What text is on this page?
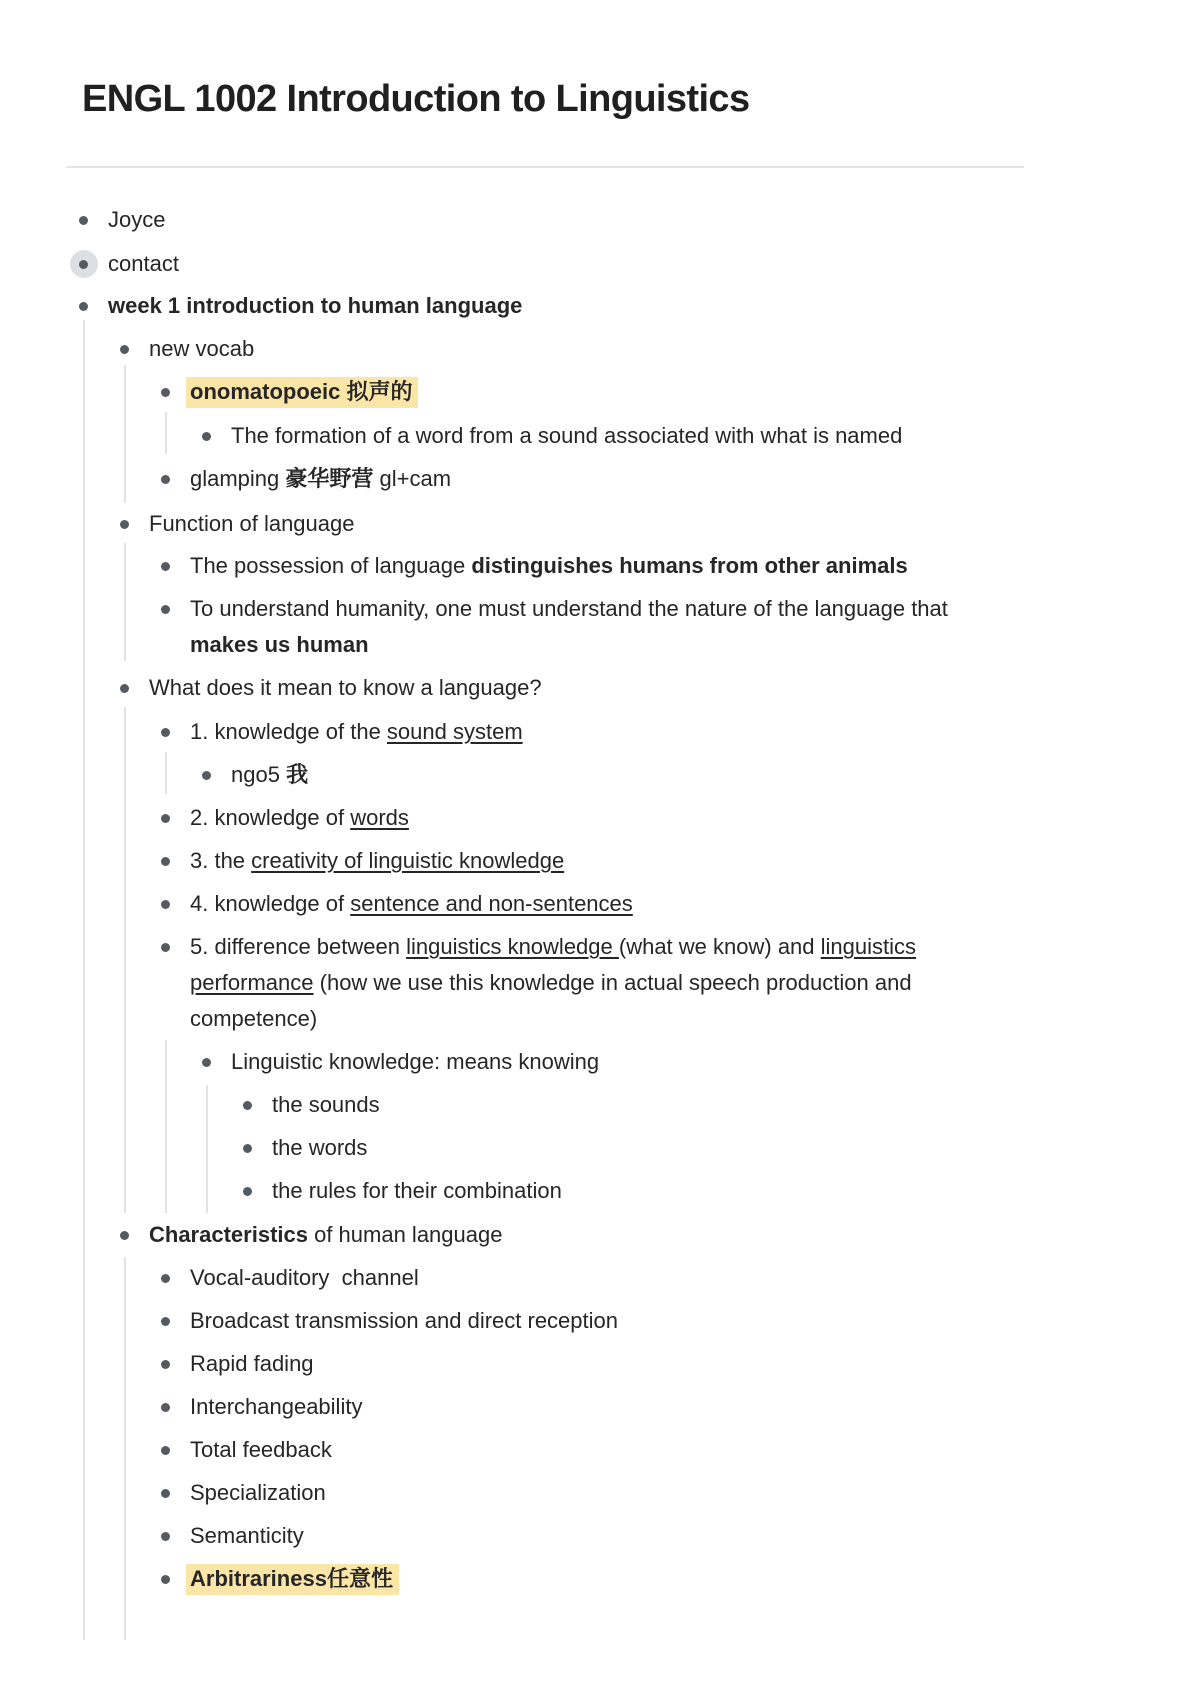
ENGL 1002 Introduction to Linguistics
Joyce
contact
week 1 introduction to human language
new vocab
onomatopoeic 拟声的
The formation of a word from a sound associated with what is named
glamping 豪华野营 gl+cam
Function of language
The possession of language distinguishes humans from other animals
To understand humanity, one must understand the nature of the language that makes us human
What does it mean to know a language?
1. knowledge of the sound system
ngo5 我
2. knowledge of words
3. the creativity of linguistic knowledge
4. knowledge of sentence and non-sentences
5. difference between linguistics knowledge (what we know) and linguistics performance (how we use this knowledge in actual speech production and competence)
Linguistic knowledge: means knowing
the sounds
the words
the rules for their combination
Characteristics of human language
Vocal-auditory  channel
Broadcast transmission and direct reception
Rapid fading
Interchangeability
Total feedback
Specialization
Semanticity
Arbitrariness任意性
